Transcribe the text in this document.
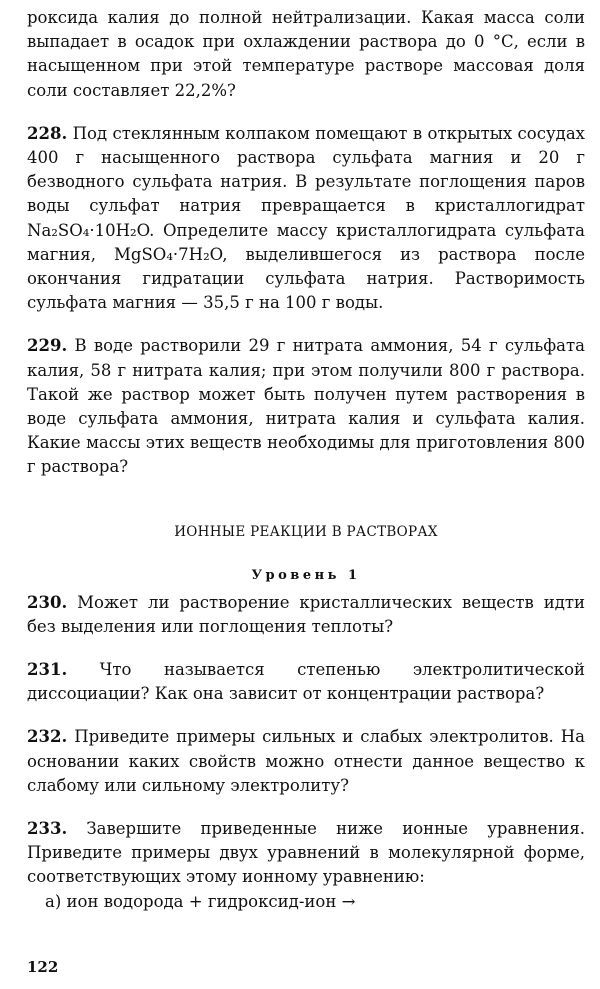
роксида калия до полной нейтрализации. Какая масса соли выпадает в осадок при охлаждении раствора до 0 °С, если в насыщенном при этой температуре растворе массовая доля соли составляет 22,2%?

228. Под стеклянным колпаком помещают в открытых сосудах 400 г насыщенного раствора сульфата магния и 20 г безводного сульфата натрия. В результате поглощения паров воды сульфат натрия превращается в кристаллогидрат Na₂SO₄·10H₂O. Определите массу кристаллогидрата сульфата магния, MgSO₄·7H₂O, выделившегося из раствора после окончания гидратации сульфата натрия. Растворимость сульфата магния — 35,5 г на 100 г воды.

229. В воде растворили 29 г нитрата аммония, 54 г сульфата калия, 58 г нитрата калия; при этом получили 800 г раствора. Такой же раствор может быть получен путем растворения в воде сульфата аммония, нитрата калия и сульфата калия. Какие массы этих веществ необходимы для приготовления 800 г раствора?

ИОННЫЕ РЕАКЦИИ В РАСТВОРАХ

Уровень 1

230. Может ли растворение кристаллических веществ идти без выделения или поглощения теплоты?

231. Что называется степенью электролитической диссоциации? Как она зависит от концентрации раствора?

232. Приведите примеры сильных и слабых электролитов. На основании каких свойств можно отнести данное вещество к слабому или сильному электролиту?

233. Завершите приведенные ниже ионные уравнения. Приведите примеры двух уравнений в молекулярной форме, соответствующих этому ионному уравнению:

а) ион водорода + гидроксид-ион →

122
